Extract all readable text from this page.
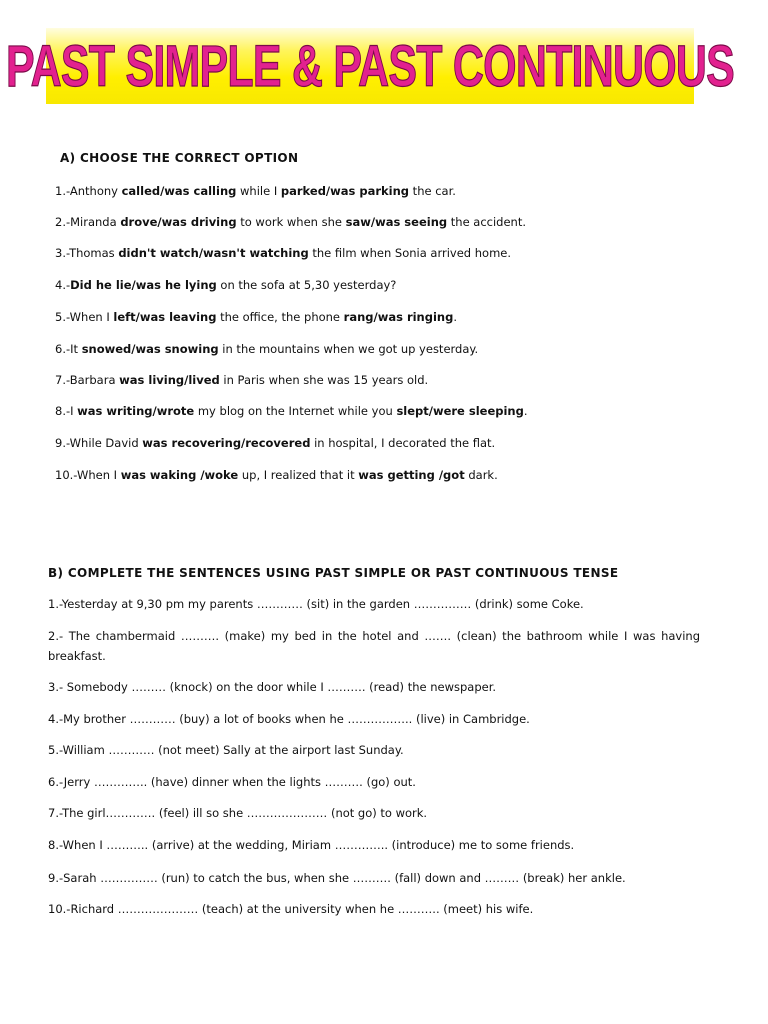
PAST SIMPLE & PAST CONTINUOUS
A) CHOOSE THE CORRECT OPTION
1.-Anthony called/was calling while I parked/was parking the car.
2.-Miranda drove/was driving to work when she saw/was seeing the accident.
3.-Thomas didn't watch/wasn't watching the film when Sonia arrived home.
4.-Did he lie/was he lying on the sofa at 5,30 yesterday?
5.-When I left/was leaving the office, the phone rang/was ringing.
6.-It snowed/was snowing in the mountains when we got up yesterday.
7.-Barbara was living/lived in Paris when she was 15 years old.
8.-I was writing/wrote my blog on the Internet while you slept/were sleeping.
9.-While David was recovering/recovered in hospital, I decorated the flat.
10.-When I was waking /woke up, I realized that it was getting /got dark.
B) COMPLETE THE SENTENCES USING PAST SIMPLE OR PAST CONTINUOUS TENSE
1.-Yesterday at 9,30 pm my parents ………… (sit) in the garden …………… (drink) some Coke.
2.- The chambermaid ………. (make) my bed in the hotel and ……. (clean) the bathroom while I was having
breakfast.
3.- Somebody ……… (knock) on the door while I ………. (read) the newspaper.
4.-My brother ………… (buy) a lot of books when he …………….. (live) in Cambridge.
5.-William ………… (not meet) Sally at the airport last Sunday.
6.-Jerry ………….. (have) dinner when the lights ………. (go) out.
7.-The girl…………. (feel) ill so she ………………… (not go) to work.
8.-When I ……….. (arrive) at the wedding, Miriam ………….. (introduce) me to some friends.
9.-Sarah …………… (run) to catch the bus, when she ………. (fall) down and ……… (break) her ankle.
10.-Richard ………………… (teach) at the university when he ……….. (meet) his wife.
